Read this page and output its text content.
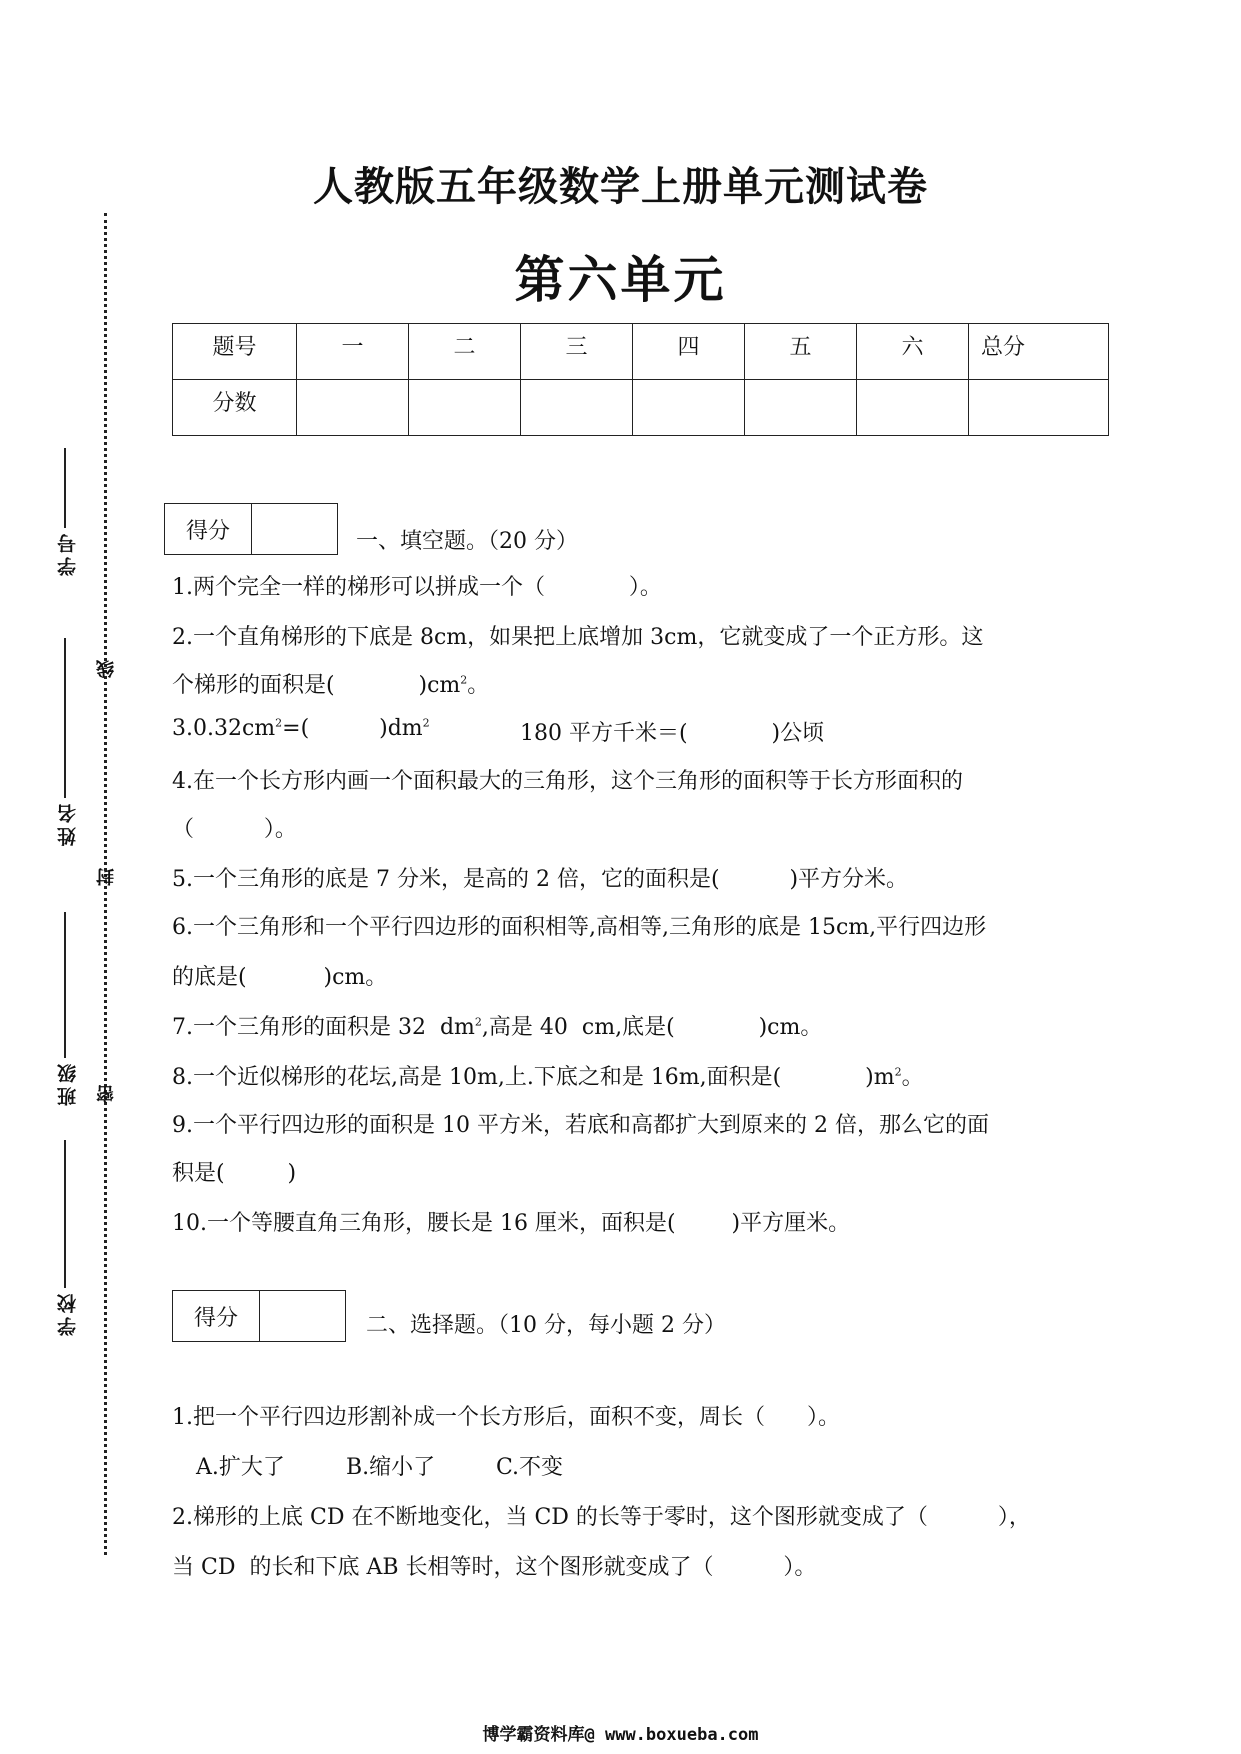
学号
姓名
班级
学校
线
封
密
人教版五年级数学上册单元测试卷
第六单元
题号	一	二	三	四	五	六	总分
分数							
得分	一、填空题。（20 分）
1.两个完全一样的梯形可以拼成一个（            ）。
2.一个直角梯形的下底是 8cm，如果把上底增加 3cm，它就变成了一个正方形。这
个梯形的面积是(            )$cm^2$。
$3.0.32cm^2=$(          )$dm^2$	180 平方千米＝(            )公顷
4.在一个长方形内画一个面积最大的三角形，这个三角形的面积等于长方形面积的
（          ）。
5.一个三角形的底是 7 分米，是高的 2 倍，它的面积是(          )平方分米。
6.一个三角形和一个平行四边形的面积相等,高相等,三角形的底是 15cm,平行四边形
的底是(           )cm。
7.一个三角形的面积是 32  $dm^2$,高是 40  cm,底是(            )cm。
8.一个近似梯形的花坛,高是 10m,上.下底之和是 16m,面积是(            )$m^2$。
9.一个平行四边形的面积是 10 平方米，若底和高都扩大到原来的 2 倍，那么它的面
积是(         )
10.一个等腰直角三角形，腰长是 16 厘米，面积是(        )平方厘米。
得分	二、选择题。（10 分，每小题 2 分）
1.把一个平行四边形割补成一个长方形后，面积不变，周长（      ）。
A.扩大了	B.缩小了	C.不变
2.梯形的上底 CD 在不断地变化，当 CD 的长等于零时，这个图形就变成了（          ），
当 CD  的长和下底 AB 长相等时，这个图形就变成了（          ）。
博学霸资料库@ www.boxueba.com
